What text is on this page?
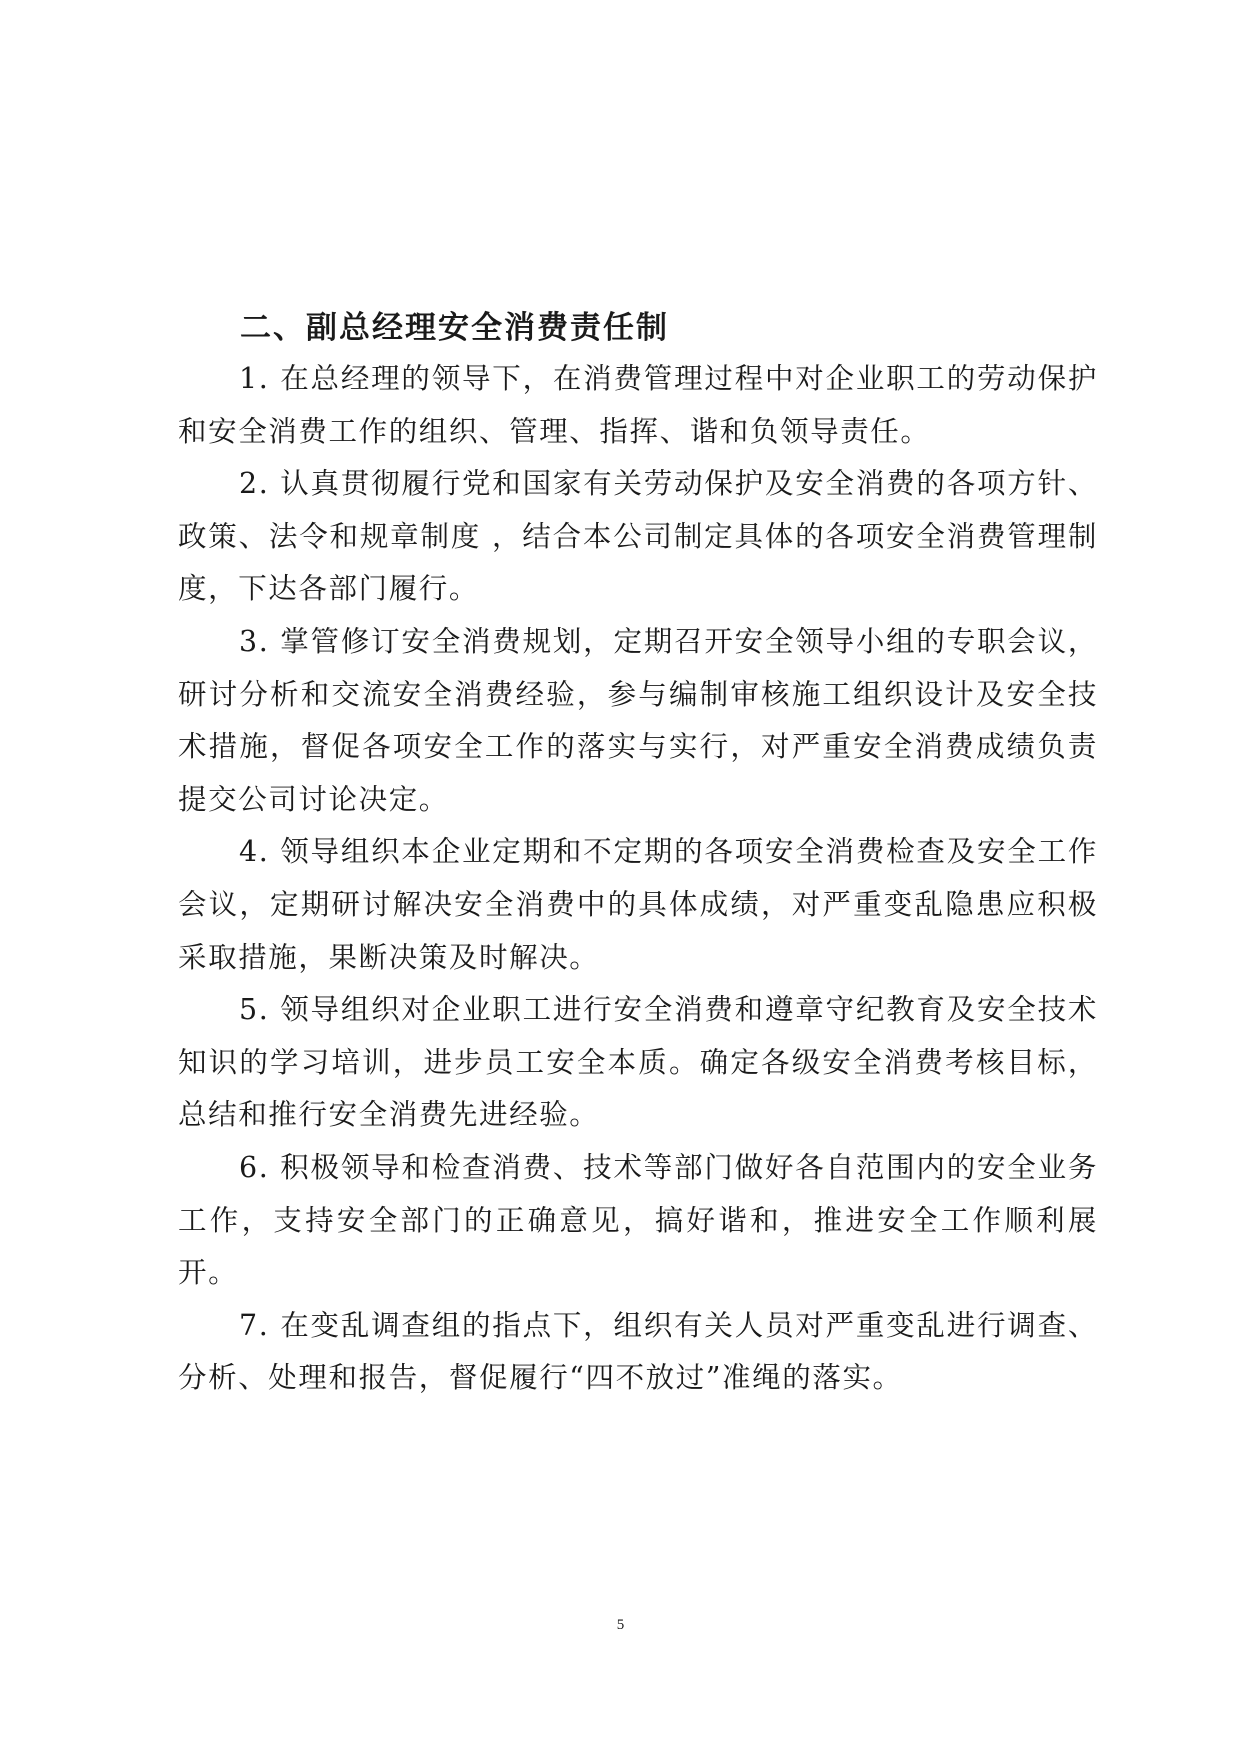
二、副总经理安全消费责任制

1. 在总经理的领导下，在消费管理过程中对企业职工的劳动保护和安全消费工作的组织、管理、指挥、谐和负领导责任。

2. 认真贯彻履行党和国家有关劳动保护及安全消费的各项方针、政策、法令和规章制度 ，结合本公司制定具体的各项安全消费管理制度，下达各部门履行。

3. 掌管修订安全消费规划，定期召开安全领导小组的专职会议，研讨分析和交流安全消费经验，参与编制审核施工组织设计及安全技术措施，督促各项安全工作的落实与实行，对严重安全消费成绩负责提交公司讨论决定。

4. 领导组织本企业定期和不定期的各项安全消费检查及安全工作会议，定期研讨解决安全消费中的具体成绩，对严重变乱隐患应积极采取措施，果断决策及时解决。

5. 领导组织对企业职工进行安全消费和遵章守纪教育及安全技术知识的学习培训，进步员工安全本质。确定各级安全消费考核目标，总结和推行安全消费先进经验。

6. 积极领导和检查消费、技术等部门做好各自范围内的安全业务工作，支持安全部门的正确意见，搞好谐和，推进安全工作顺利展开。

7. 在变乱调查组的指点下，组织有关人员对严重变乱进行调查、分析、处理和报告，督促履行“四不放过”准绳的落实。

5
